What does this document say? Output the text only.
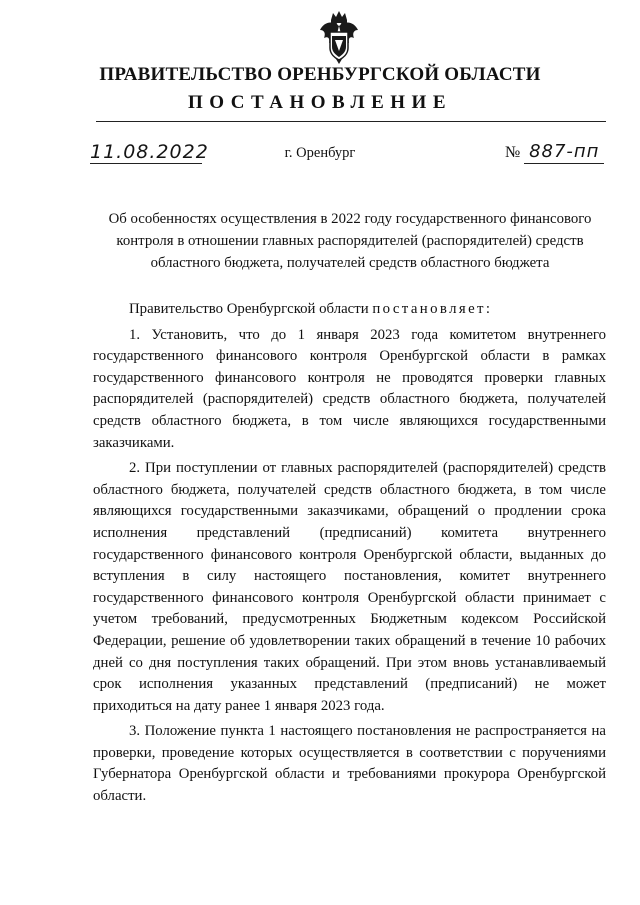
ПРАВИТЕЛЬСТВО ОРЕНБУРГСКОЙ ОБЛАСТИ
ПОСТАНОВЛЕНИЕ
11.08.2022	г. Оренбург	№ 887-пп
Об особенностях осуществления в 2022 году государственного финансового контроля в отношении главных распорядителей (распорядителей) средств областного бюджета, получателей средств областного бюджета

Правительство Оренбургской области постановляет:

1. Установить, что до 1 января 2023 года комитетом внутреннего государственного финансового контроля Оренбургской области в рамках государственного финансового контроля не проводятся проверки главных распорядителей (распорядителей) средств областного бюджета, получателей средств областного бюджета, в том числе являющихся государственными заказчиками.

2. При поступлении от главных распорядителей (распорядителей) средств областного бюджета, получателей средств областного бюджета, в том числе являющихся государственными заказчиками, обращений о продлении срока исполнения представлений (предписаний) комитета внутреннего государственного финансового контроля Оренбургской области, выданных до вступления в силу настоящего постановления, комитет внутреннего государственного финансового контроля Оренбургской области принимает с учетом требований, предусмотренных Бюджетным кодексом Российской Федерации, решение об удовлетворении таких обращений в течение 10 рабочих дней со дня поступления таких обращений. При этом вновь устанавливаемый срок исполнения указанных представлений (предписаний) не может приходиться на дату ранее 1 января 2023 года.

3. Положение пункта 1 настоящего постановления не распространяется на проверки, проведение которых осуществляется в соответствии с поручениями Губернатора Оренбургской области и требованиями прокурора Оренбургской области.
